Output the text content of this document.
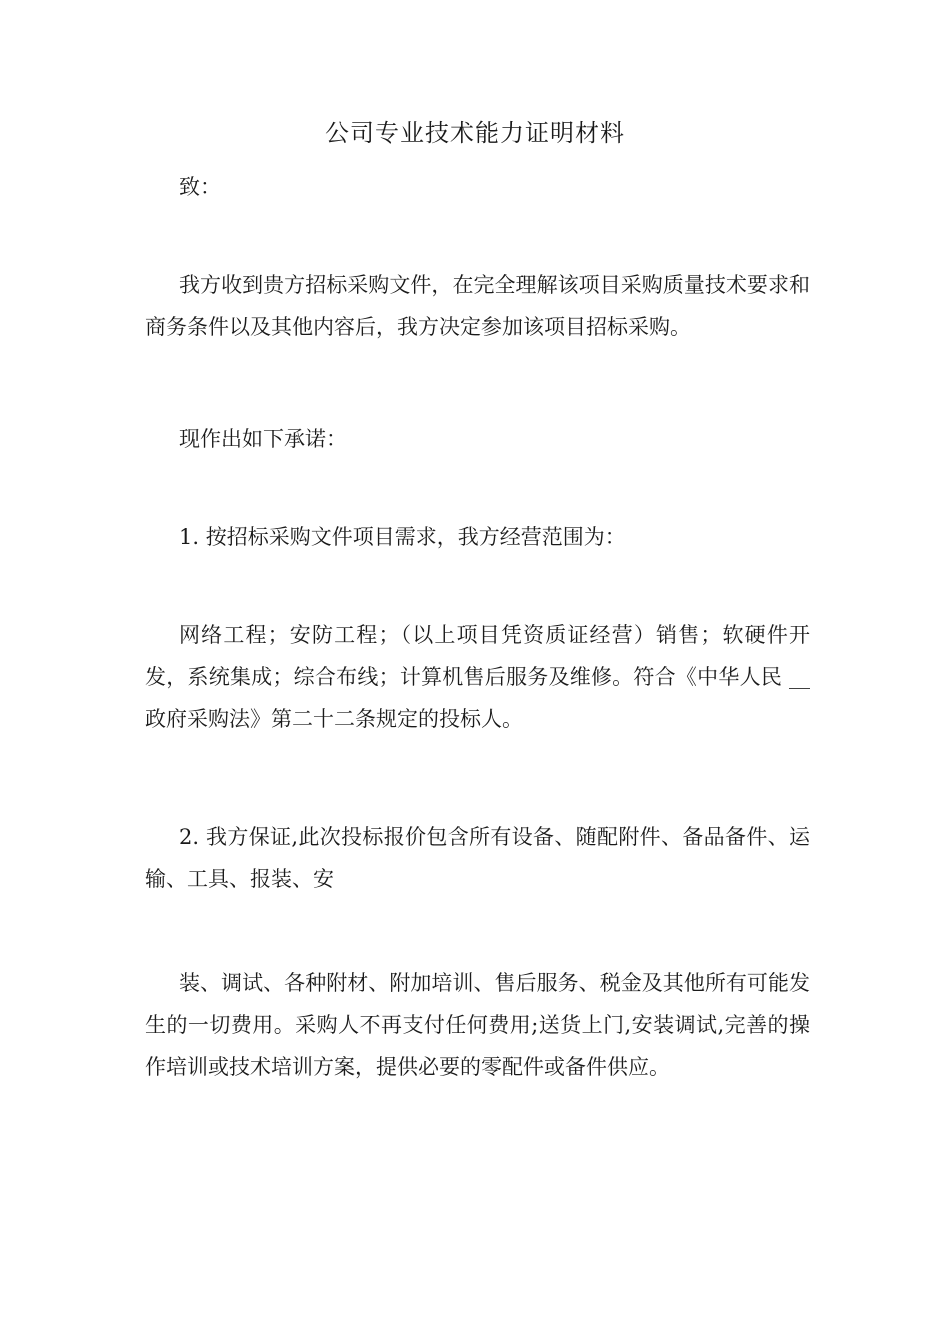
公司专业技术能力证明材料

致：

我方收到贵方招标采购文件，在完全理解该项目采购质量技术要求和商务条件以及其他内容后，我方决定参加该项目招标采购。

现作出如下承诺：

1. 按招标采购文件项目需求，我方经营范围为：

网络工程；安防工程；（以上项目凭资质证经营）销售；软硬件开发，系统集成；综合布线；计算机售后服务及维修。符合《中华人民 __政府采购法》第二十二条规定的投标人。

2. 我方保证,此次投标报价包含所有设备、随配附件、备品备件、运输、工具、报装、安

装、调试、各种附材、附加培训、售后服务、税金及其他所有可能发生的一切费用。采购人不再支付任何费用;送货上门,安装调试,完善的操作培训或技术培训方案，提供必要的零配件或备件供应。
